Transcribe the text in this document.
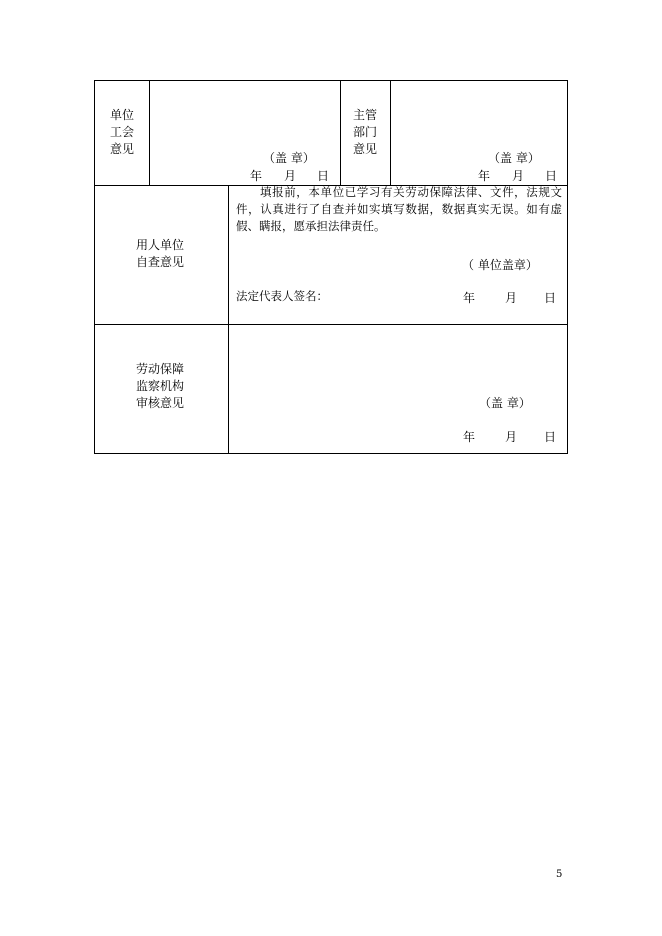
单位
工会
意见
（盖 章）
年 月 日
主管
部门
意见
（盖 章）
年 月 日
用人单位
自查意见
填报前，本单位已学习有关劳动保障法律、文件，法规文件，认真进行了自查并如实填写数据，数据真实无误。如有虚假、瞒报，愿承担法律责任。
（ 单位盖章）
法定代表人签名：	年 月 日
劳动保障
监察机构
审核意见	（盖 章）
年 月 日
5
